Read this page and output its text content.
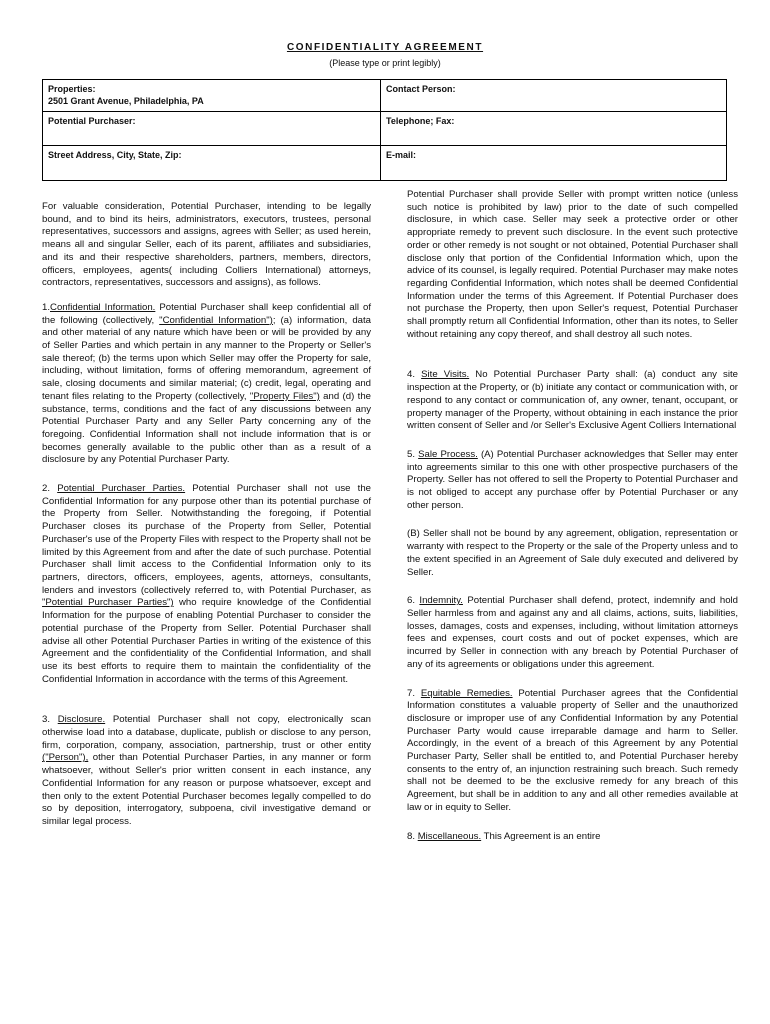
CONFIDENTIALITY AGREEMENT
(Please type or print legibly)
Properties:
2501 Grant Avenue, Philadelphia, PA	Contact Person:

Potential Purchaser:	Telephone; Fax:

Street Address, City, State, Zip:	E-mail:

For valuable consideration, Potential Purchaser, intending to be legally bound, and to bind its heirs, administrators, executors, trustees, personal representatives, successors and assigns, agrees with Seller; as used herein, means all and singular Seller, each of its parent, affiliates and subsidiaries, and its and their respective shareholders, partners, members, directors, officers, employees, agents( including Colliers International) attorneys, contractors, representatives, successors and assigns), as follows.

1.Confidential Information. Potential Purchaser shall keep confidential all of the following (collectively, "Confidential Information"); (a) information, data and other material of any nature which have been or will be provided by any of Seller Parties and which pertain in any manner to the Property or Seller's sale thereof; (b) the terms upon which Seller may offer the Property for sale, including, without limitation, forms of offering memorandum, agreement of sale, closing documents and similar material; (c) credit, legal, operating and tenant files relating to the Property (collectively, "Property Files") and (d) the substance, terms, conditions and the fact of any discussions between any Potential Purchaser Party and any Seller Party concerning any of the foregoing. Confidential Information shall not include information that is or becomes generally available to the public other than as a result of a disclosure by any Potential Purchaser Party.

2. Potential Purchaser Parties. Potential Purchaser shall not use the Confidential Information for any purpose other than its potential purchase of the Property from Seller. Notwithstanding the foregoing, if Potential Purchaser closes its purchase of the Property from Seller, Potential Purchaser's use of the Property Files with respect to the Property shall not be limited by this Agreement from and after the date of such purchase. Potential Purchaser shall limit access to the Confidential Information only to its partners, directors, officers, employees, agents, attorneys, consultants, lenders and investors (collectively referred to, with Potential Purchaser, as "Potential Purchaser Parties") who require knowledge of the Confidential Information for the purpose of enabling Potential Purchaser to consider the potential purchase of the Property from Seller. Potential Purchaser shall advise all other Potential Purchaser Parties in writing of the existence of this Agreement and the confidentiality of the Confidential Information, and shall use its best efforts to require them to maintain the confidentiality of the Confidential Information in accordance with the terms of this Agreement.

3. Disclosure. Potential Purchaser shall not copy, electronically scan otherwise load into a database, duplicate, publish or disclose to any person, firm, corporation, company, association, partnership, trust or other entity ("Person"), other than Potential Purchaser Parties, in any manner or form whatsoever, without Seller's prior written consent in each instance, any Confidential Information for any reason or purpose whatsoever, except and then only to the extent Potential Purchaser becomes legally compelled to do so by deposition, interrogatory, subpoena, civil investigative demand or similar legal process.

Potential Purchaser shall provide Seller with prompt written notice (unless such notice is prohibited by law) prior to the date of such compelled disclosure, in which case. Seller may seek a protective order or other appropriate remedy to prevent such disclosure. In the event such protective order or other remedy is not sought or not obtained, Potential Purchaser shall disclose only that portion of the Confidential Information which, upon the advice of its counsel, is legally required. Potential Purchaser may make notes regarding Confidential Information, which notes shall be deemed Confidential Information under the terms of this Agreement. If Potential Purchaser does not purchase the Property, then upon Seller's request, Potential Purchaser shall promptly return all Confidential Information, other than its notes, to Seller without retaining any copy thereof, and shall destroy all such notes.

4. Site Visits. No Potential Purchaser Party shall: (a) conduct any site inspection at the Property, or (b) initiate any contact or communication with, or respond to any contact or communication of, any owner, tenant, occupant, or property manager of the Property, without obtaining in each instance the prior written consent of Seller and /or Seller's Exclusive Agent Colliers International

5. Sale Process. (A) Potential Purchaser acknowledges that Seller may enter into agreements similar to this one with other prospective purchasers of the Property. Seller has not offered to sell the Property to Potential Purchaser and is not obliged to accept any purchase offer by Potential Purchaser or any other person.

(B) Seller shall not be bound by any agreement, obligation, representation or warranty with respect to the Property or the sale of the Property unless and to the extent specified in an Agreement of Sale duly executed and delivered by Seller.

6. Indemnity. Potential Purchaser shall defend, protect, indemnify and hold Seller harmless from and against any and all claims, actions, suits, liabilities, losses, damages, costs and expenses, including, without limitation attorneys fees and expenses, court costs and out of pocket expenses, which are incurred by Seller in connection with any breach by Potential Purchaser of any of its agreements or obligations under this agreement.

7. Equitable Remedies. Potential Purchaser agrees that the Confidential Information constitutes a valuable property of Seller and the unauthorized disclosure or improper use of any Confidential Information by any Potential Purchaser Party would cause irreparable damage and harm to Seller. Accordingly, in the event of a breach of this Agreement by any Potential Purchaser Party, Seller shall be entitled to, and Potential Purchaser hereby consents to the entry of, an injunction restraining such breach. Such remedy shall not be deemed to be the exclusive remedy for any breach of this Agreement, but shall be in addition to any and all other remedies available at law or in equity to Seller.

8. Miscellaneous. This Agreement is an entire
